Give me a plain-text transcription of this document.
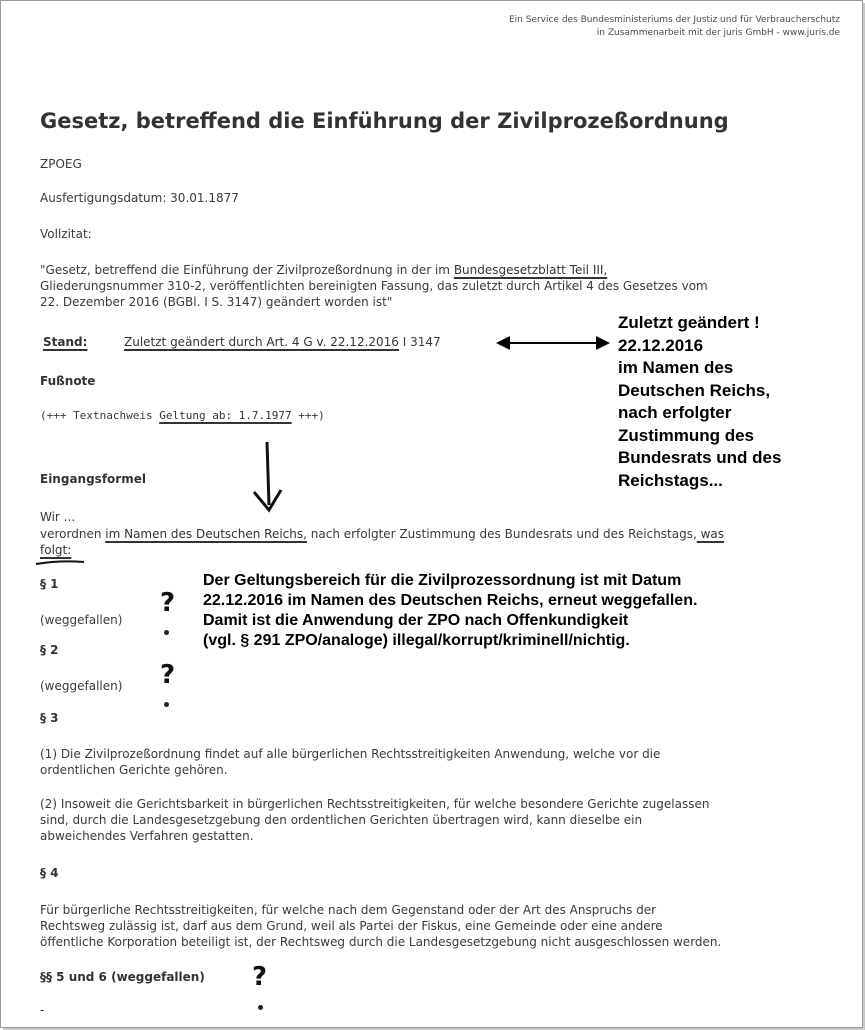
Ein Service des Bundesministeriums der Justiz und für Verbraucherschutz
in Zusammenarbeit mit der juris GmbH - www.juris.de
Gesetz, betreffend die Einführung der Zivilprozeßordnung
ZPOEG
Ausfertigungsdatum: 30.01.1877
Vollzitat:
"Gesetz, betreffend die Einführung der Zivilprozeßordnung in der im Bundesgesetzblatt Teil III,
Gliederungsnummer 310-2, veröffentlichten bereinigten Fassung, das zuletzt durch Artikel 4 des Gesetzes vom
22. Dezember 2016 (BGBl. I S. 3147) geändert worden ist"
Stand:	Zuletzt geändert durch Art. 4 G v. 22.12.2016 I 3147
Fußnote
(+++ Textnachweis Geltung ab: 1.7.1977 +++)
Eingangsformel
Wir ...
verordnen im Namen des Deutschen Reichs, nach erfolgter Zustimmung des Bundesrats und des Reichstags, was
folgt:
§ 1
(weggefallen)
§ 2
(weggefallen)
§ 3
(1) Die Zivilprozeßordnung findet auf alle bürgerlichen Rechtsstreitigkeiten Anwendung, welche vor die
ordentlichen Gerichte gehören.
(2) Insoweit die Gerichtsbarkeit in bürgerlichen Rechtsstreitigkeiten, für welche besondere Gerichte zugelassen
sind, durch die Landesgesetzgebung den ordentlichen Gerichten übertragen wird, kann dieselbe ein
abweichendes Verfahren gestatten.
§ 4
Für bürgerliche Rechtsstreitigkeiten, für welche nach dem Gegenstand oder der Art des Anspruchs der
Rechtsweg zulässig ist, darf aus dem Grund, weil als Partei der Fiskus, eine Gemeinde oder eine andere
öffentliche Korporation beteiligt ist, der Rechtsweg durch die Landesgesetzgebung nicht ausgeschlossen werden.
§§ 5 und 6 (weggefallen)
-
?
?
?
Zuletzt geändert !
22.12.2016
im Namen des
Deutschen Reichs,
nach erfolgter
Zustimmung des
Bundesrats und des
Reichstags...
Der Geltungsbereich für die Zivilprozessordnung ist mit Datum
22.12.2016 im Namen des Deutschen Reichs, erneut weggefallen.
Damit ist die Anwendung der ZPO nach Offenkundigkeit
(vgl. § 291 ZPO/analoge) illegal/korrupt/kriminell/nichtig.
